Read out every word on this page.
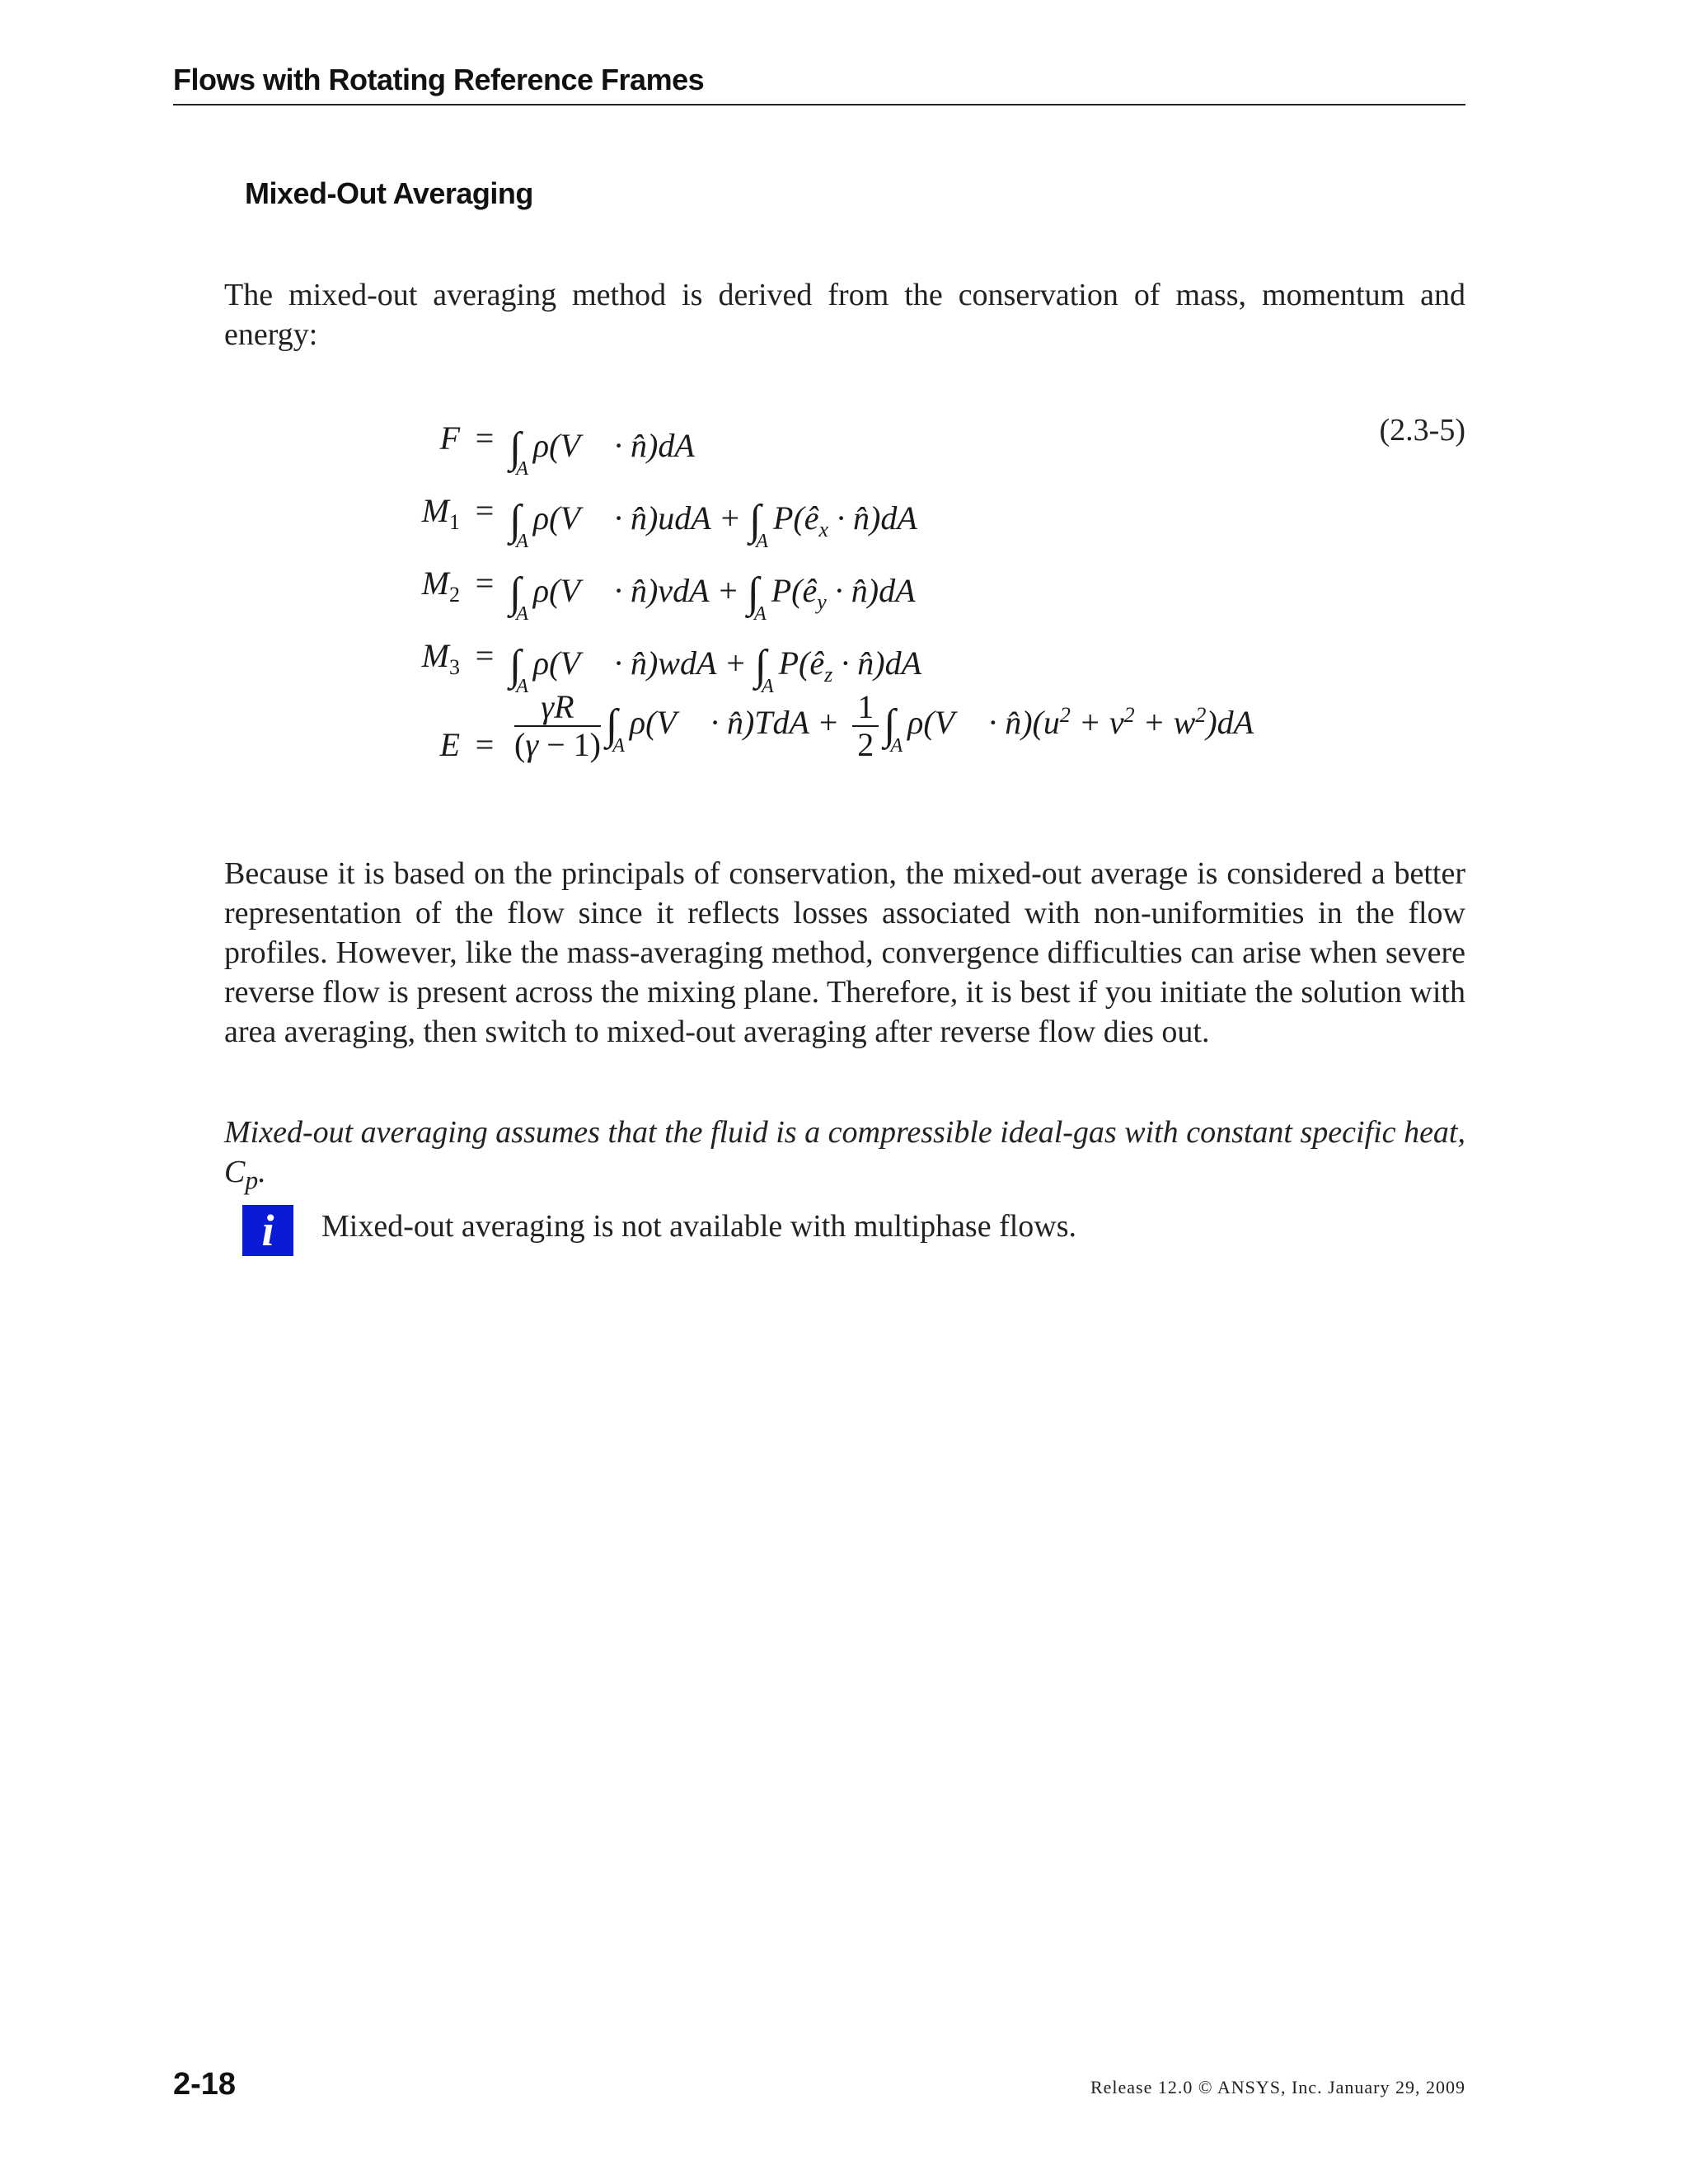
Flows with Rotating Reference Frames
Mixed-Out Averaging

The mixed-out averaging method is derived from the conservation of mass, momentum and energy:

$F = \int_A\rho(V⃗$ · n̂)dA
$M_1$ = $\int_A\rho(V⃗$ · n̂)udA + $\int_AP(ê_x$ · n̂)dA
$M_2$ = $\int_A\rho(V⃗$ · n̂)vdA + $\int_AP(ê_y$ · n̂)dA
$M_3$ = $\int_A\rho(V⃗$ · n̂)wdA + $\int_AP(ê_z$ · n̂)dA
$E = \frac{\gamma R}{(\gamma - 1)}$ $\int_A\rho(V⃗$ · n̂)TdA + $\frac{1}{2}$ $\int_A\rho(V⃗$ · $n̂)(u^2 + v^2 + w^2)dA$
(2.3-5)

Because it is based on the principals of conservation, the mixed-out average is considered a better representation of the flow since it reflects losses associated with non-uniformities in the flow profiles. However, like the mass-averaging method, convergence difficulties can arise when severe reverse flow is present across the mixing plane. Therefore, it is best if you initiate the solution with area averaging, then switch to mixed-out averaging after reverse flow dies out.

Mixed-out averaging assumes that the fluid is a compressible ideal-gas with constant specific heat, $C_p$.

i	Mixed-out averaging is not available with multiphase flows.
2-18	Release 12.0 © ANSYS, Inc. January 29, 2009
